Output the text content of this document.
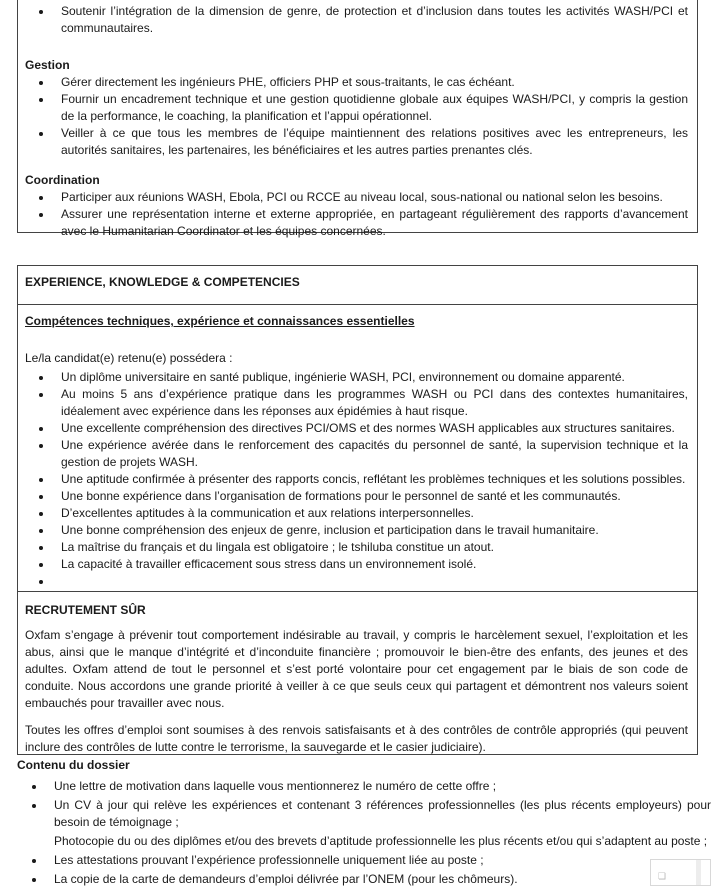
• Soutenir l’intégration de la dimension de genre, de protection et d’inclusion dans toutes les activités WASH/PCI et communautaires.
Gestion
• Gérer directement les ingénieurs PHE, officiers PHP et sous-traitants, le cas échéant.
• Fournir un encadrement technique et une gestion quotidienne globale aux équipes WASH/PCI, y compris la gestion de la performance, le coaching, la planification et l’appui opérationnel.
• Veiller à ce que tous les membres de l’équipe maintiennent des relations positives avec les entrepreneurs, les autorités sanitaires, les partenaires, les bénéficiaires et les autres parties prenantes clés.
Coordination
• Participer aux réunions WASH, Ebola, PCI ou RCCE au niveau local, sous-national ou national selon les besoins.
• Assurer une représentation interne et externe appropriée, en partageant régulièrement des rapports d’avancement avec le Humanitarian Coordinator et les équipes concernées.
EXPERIENCE, KNOWLEDGE & COMPETENCIES
Compétences techniques, expérience et connaissances essentielles

Le/la candidat(e) retenu(e) possédera :

• Un diplôme universitaire en santé publique, ingénierie WASH, PCI, environnement ou domaine apparenté.
• Au moins 5 ans d’expérience pratique dans les programmes WASH ou PCI dans des contextes humanitaires, idéalement avec expérience dans les réponses aux épidémies à haut risque.
• Une excellente compréhension des directives PCI/OMS et des normes WASH applicables aux structures sanitaires.
• Une expérience avérée dans le renforcement des capacités du personnel de santé, la supervision technique et la gestion de projets WASH.
• Une aptitude confirmée à présenter des rapports concis, reflétant les problèmes techniques et les solutions possibles.
• Une bonne expérience dans l’organisation de formations pour le personnel de santé et les communautés.
• D’excellentes aptitudes à la communication et aux relations interpersonnelles.
• Une bonne compréhension des enjeux de genre, inclusion et participation dans le travail humanitaire.
• La maîtrise du français et du lingala est obligatoire ; le tshiluba constitue un atout.
• La capacité à travailler efficacement sous stress dans un environnement isolé.
•
RECRUTEMENT SÛR

Oxfam s’engage à prévenir tout comportement indésirable au travail, y compris le harcèlement sexuel, l’exploitation et les abus, ainsi que le manque d’intégrité et d’inconduite financière ; promouvoir le bien-être des enfants, des jeunes et des adultes. Oxfam attend de tout le personnel et s’est porté volontaire pour cet engagement par le biais de son code de conduite. Nous accordons une grande priorité à veiller à ce que seuls ceux qui partagent et démontrent nos valeurs soient embauchés pour travailler avec nous.

Toutes les offres d’emploi sont soumises à des renvois satisfaisants et à des contrôles de contrôle appropriés (qui peuvent inclure des contrôles de lutte contre le terrorisme, la sauvegarde et le casier judiciaire).

Contenu du dossier
• Une lettre de motivation dans laquelle vous mentionnerez le numéro de cette offre ;
• Un CV à jour qui relève les expériences et contenant 3 références professionnelles (les plus récents employeurs) pour besoin de témoignage ;
• Photocopie du ou des diplômes et/ou des brevets d’aptitude professionnelle les plus récents et/ou qui s’adaptent au poste ;
• Les attestations prouvant l’expérience professionnelle uniquement liée au poste ;
• La copie de la carte de demandeurs d’emploi délivrée par l’ONEM (pour les chômeurs).	❏
